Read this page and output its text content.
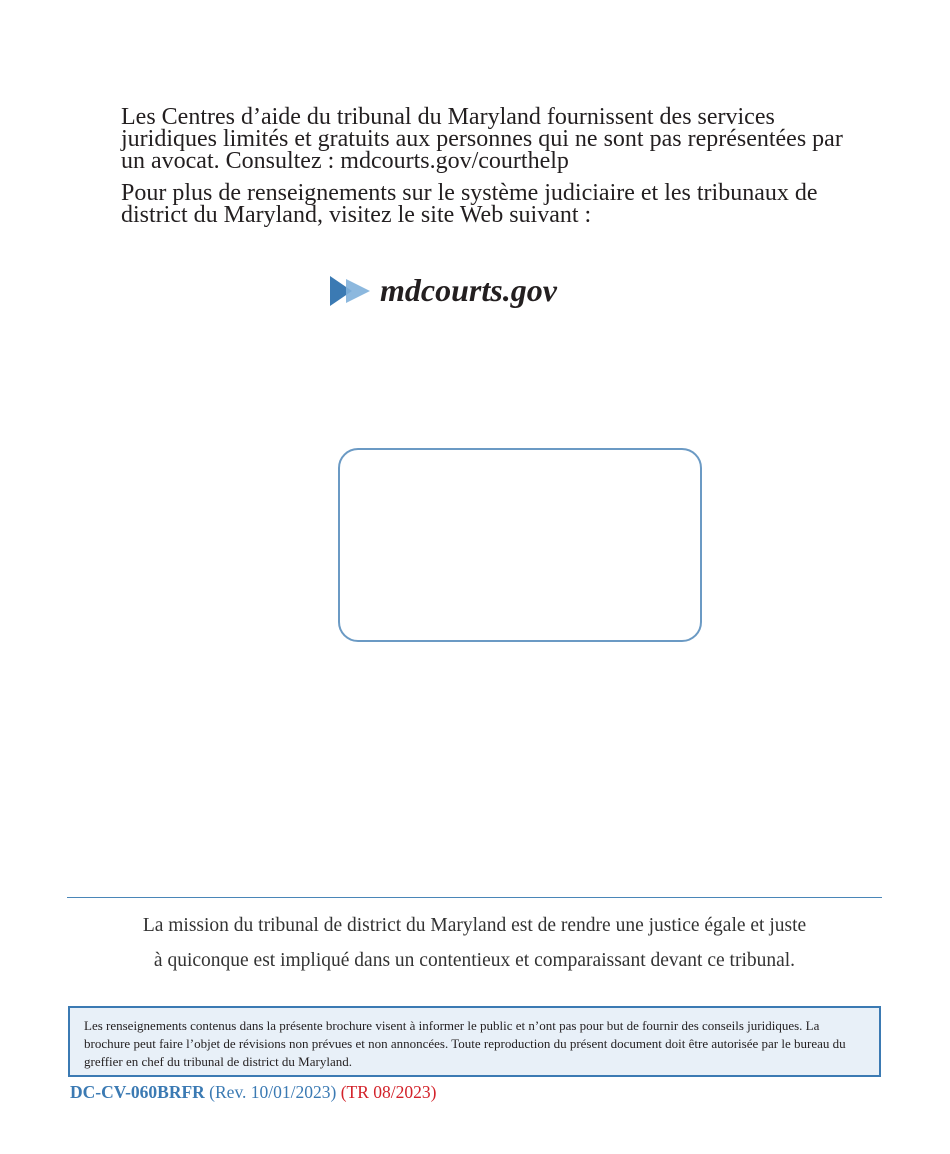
Les Centres d’aide du tribunal du Maryland fournissent des services juridiques limités et gratuits aux personnes qui ne sont pas représentées par un avocat. Consultez : mdcourts.gov/courthelp

Pour plus de renseignements sur le système judiciaire et les tribunaux de district du Maryland, visitez le site Web suivant :

mdcourts.gov
La mission du tribunal de district du Maryland est de rendre une justice égale et juste
à quiconque est impliqué dans un contentieux et comparaissant devant ce tribunal.
Les renseignements contenus dans la présente brochure visent à informer le public et n’ont pas pour but de fournir des conseils juridiques. La brochure peut faire l’objet de révisions non prévues et non annoncées. Toute reproduction du présent document doit être autorisée par le bureau du greffier en chef du tribunal de district du Maryland.
DC-CV-060BRFR (Rev. 10/01/2023) (TR 08/2023)
